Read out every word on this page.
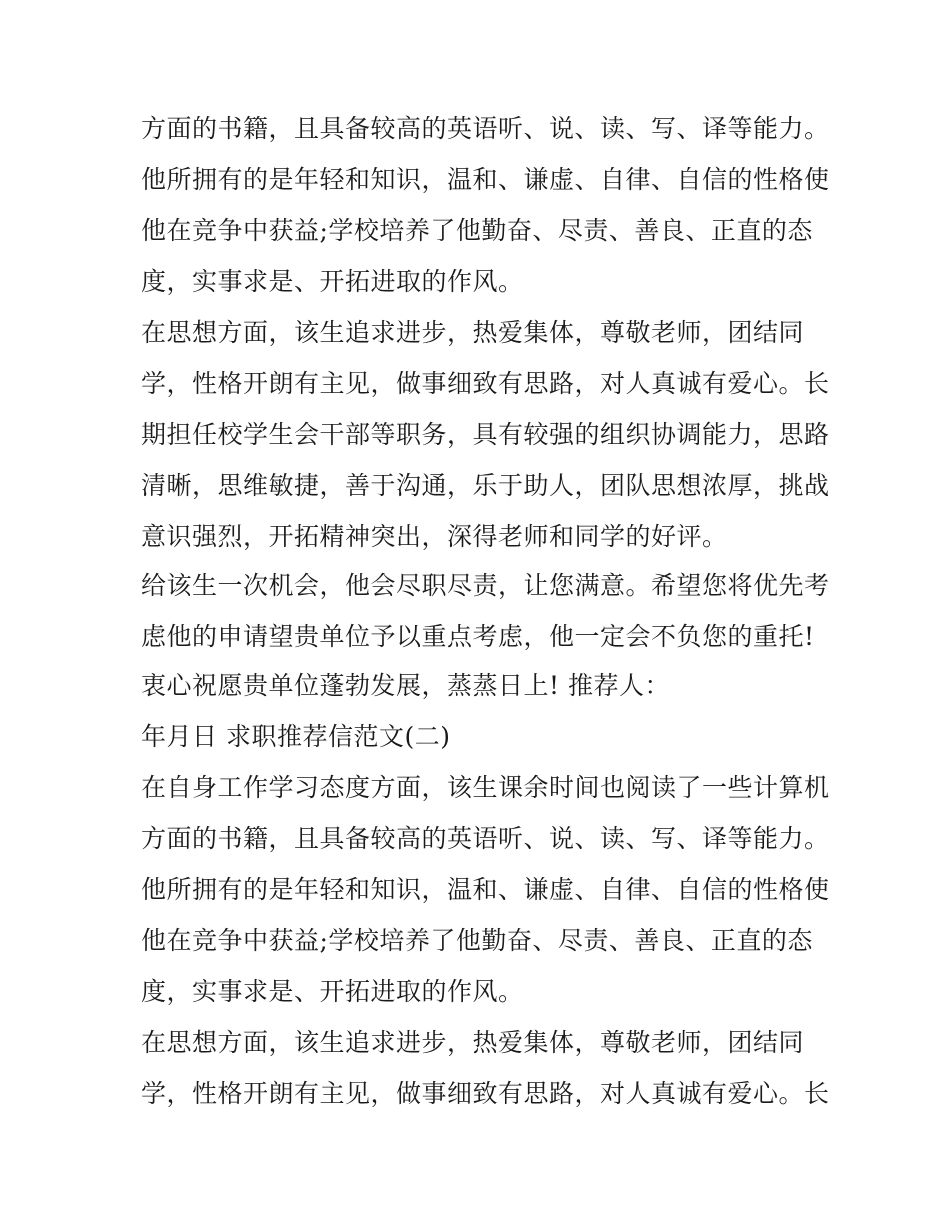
方面的书籍，且具备较高的英语听、说、读、写、译等能力。
他所拥有的是年轻和知识，温和、谦虚、自律、自信的性格使
他在竞争中获益;学校培养了他勤奋、尽责、善良、正直的态
度，实事求是、开拓进取的作风。
在思想方面，该生追求进步，热爱集体，尊敬老师，团结同
学，性格开朗有主见，做事细致有思路，对人真诚有爱心。长
期担任校学生会干部等职务，具有较强的组织协调能力，思路
清晰，思维敏捷，善于沟通，乐于助人，团队思想浓厚，挑战
意识强烈，开拓精神突出，深得老师和同学的好评。
给该生一次机会，他会尽职尽责，让您满意。希望您将优先考
虑他的申请望贵单位予以重点考虑，他一定会不负您的重托!
衷心祝愿贵单位蓬勃发展，蒸蒸日上! 推荐人：
年月日 求职推荐信范文(二)
在自身工作学习态度方面，该生课余时间也阅读了一些计算机
方面的书籍，且具备较高的英语听、说、读、写、译等能力。
他所拥有的是年轻和知识，温和、谦虚、自律、自信的性格使
他在竞争中获益;学校培养了他勤奋、尽责、善良、正直的态
度，实事求是、开拓进取的作风。
在思想方面，该生追求进步，热爱集体，尊敬老师，团结同
学，性格开朗有主见，做事细致有思路，对人真诚有爱心。长
